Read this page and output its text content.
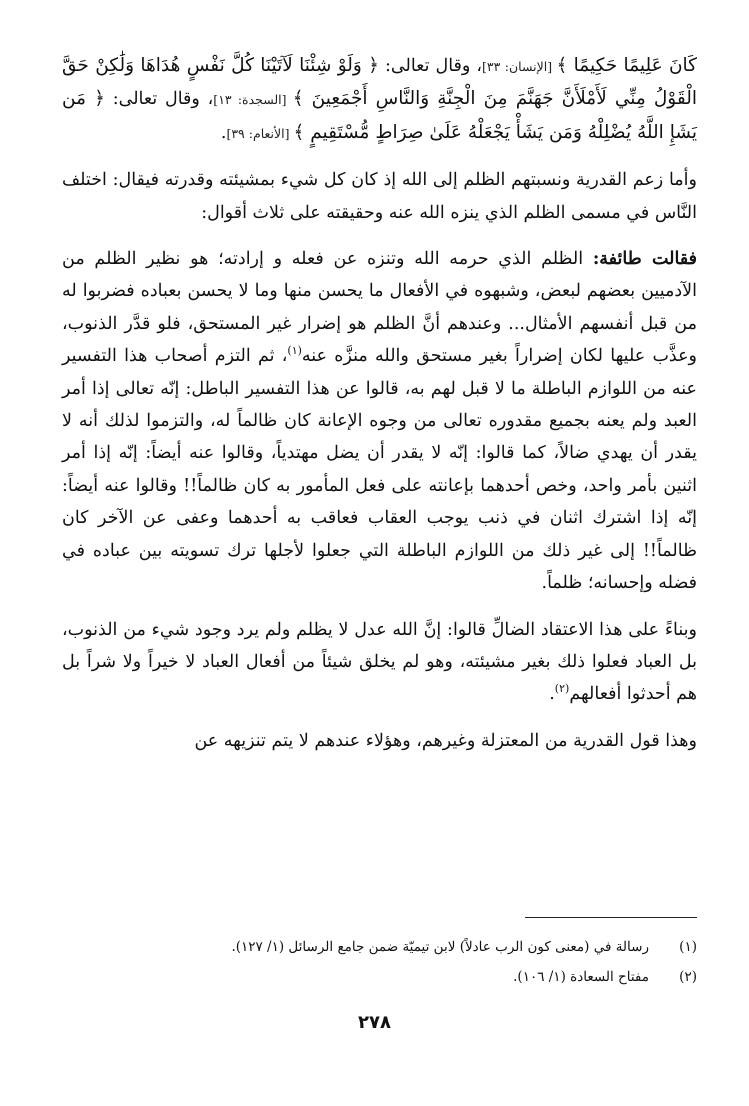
كَانَ عَلِيمًا حَكِيمًا ﴾ [الإنسان: ٣٣]، وقال تعالى: ﴿ وَلَوْ شِئْنَا لَآتَيْنَا كُلَّ نَفْسٍ هُدَاهَا وَلَٰكِنْ حَقَّ الْقَوْلُ مِنِّي لَأَمْلَأَنَّ جَهَنَّمَ مِنَ الْجِنَّةِ وَالنَّاسِ أَجْمَعِينَ ﴾ [السجدة: ١٣]، وقال تعالى: ﴿ مَن يَشَإِ اللَّهُ يُضْلِلْهُ وَمَن يَشَأْ يَجْعَلْهُ عَلَىٰ صِرَاطٍ مُّسْتَقِيمٍ ﴾ [الأنعام: ٣٩].

وأما زعم القدرية ونسبتهم الظلم إلى الله إذ كان كل شيء بمشيئته وقدرته فيقال: اختلف النَّاس في مسمى الظلم الذي ينزه الله عنه وحقيقته على ثلاث أقوال:

فقالت طائفة: الظلم الذي حرمه الله وتنزه عن فعله و إرادته؛ هو نظير الظلم من الآدميين بعضهم لبعض، وشبهوه في الأفعال ما يحسن منها وما لا يحسن بعباده فضربوا له من قبل أنفسهم الأمثال... وعندهم أنَّ الظلم هو إضرار غير المستحق، فلو قدَّر الذنوب، وعذَّب عليها لكان إضراراً بغير مستحق والله منزَّه عنه$^{(١)}$، ثم التزم أصحاب هذا التفسير عنه من اللوازم الباطلة ما لا قبل لهم به، قالوا عن هذا التفسير الباطل: إنّه تعالى إذا أمر العبد ولم يعنه بجميع مقدوره تعالى من وجوه الإعانة كان ظالماً له، والتزموا لذلك أنه لا يقدر أن يهدي ضالاً، كما قالوا: إنّه لا يقدر أن يضل مهتدياً، وقالوا عنه أيضاً: إنّه إذا أمر اثنين بأمر واحد، وخص أحدهما بإعانته على فعل المأمور به كان ظالماً!! وقالوا عنه أيضاً: إنّه إذا اشترك اثنان في ذنب يوجب العقاب فعاقب به أحدهما وعفى عن الآخر كان ظالماً!! إلى غير ذلك من اللوازم الباطلة التي جعلوا لأجلها ترك تسويته بين عباده في فضله وإحسانه؛ ظلماً.

وبناءً على هذا الاعتقاد الضالِّ قالوا: إنَّ الله عدل لا يظلم ولم يرد وجود شيء من الذنوب، بل العباد فعلوا ذلك بغير مشيئته، وهو لم يخلق شيئاً من أفعال العباد لا خيراً ولا شراً بل هم أحدثوا أفعالهم$^{(٢)}$.

وهذا قول القدرية من المعتزلة وغيرهم، وهؤلاء عندهم لا يتم تنزيهه عن

(١)
رسالة في (معنى كون الرب عادلاً) لابن تيميّة ضمن جامع الرسائل (١/ ١٢٧).
(٢)
مفتاح السعادة (١/ ١٠٦).
٢٧٨
